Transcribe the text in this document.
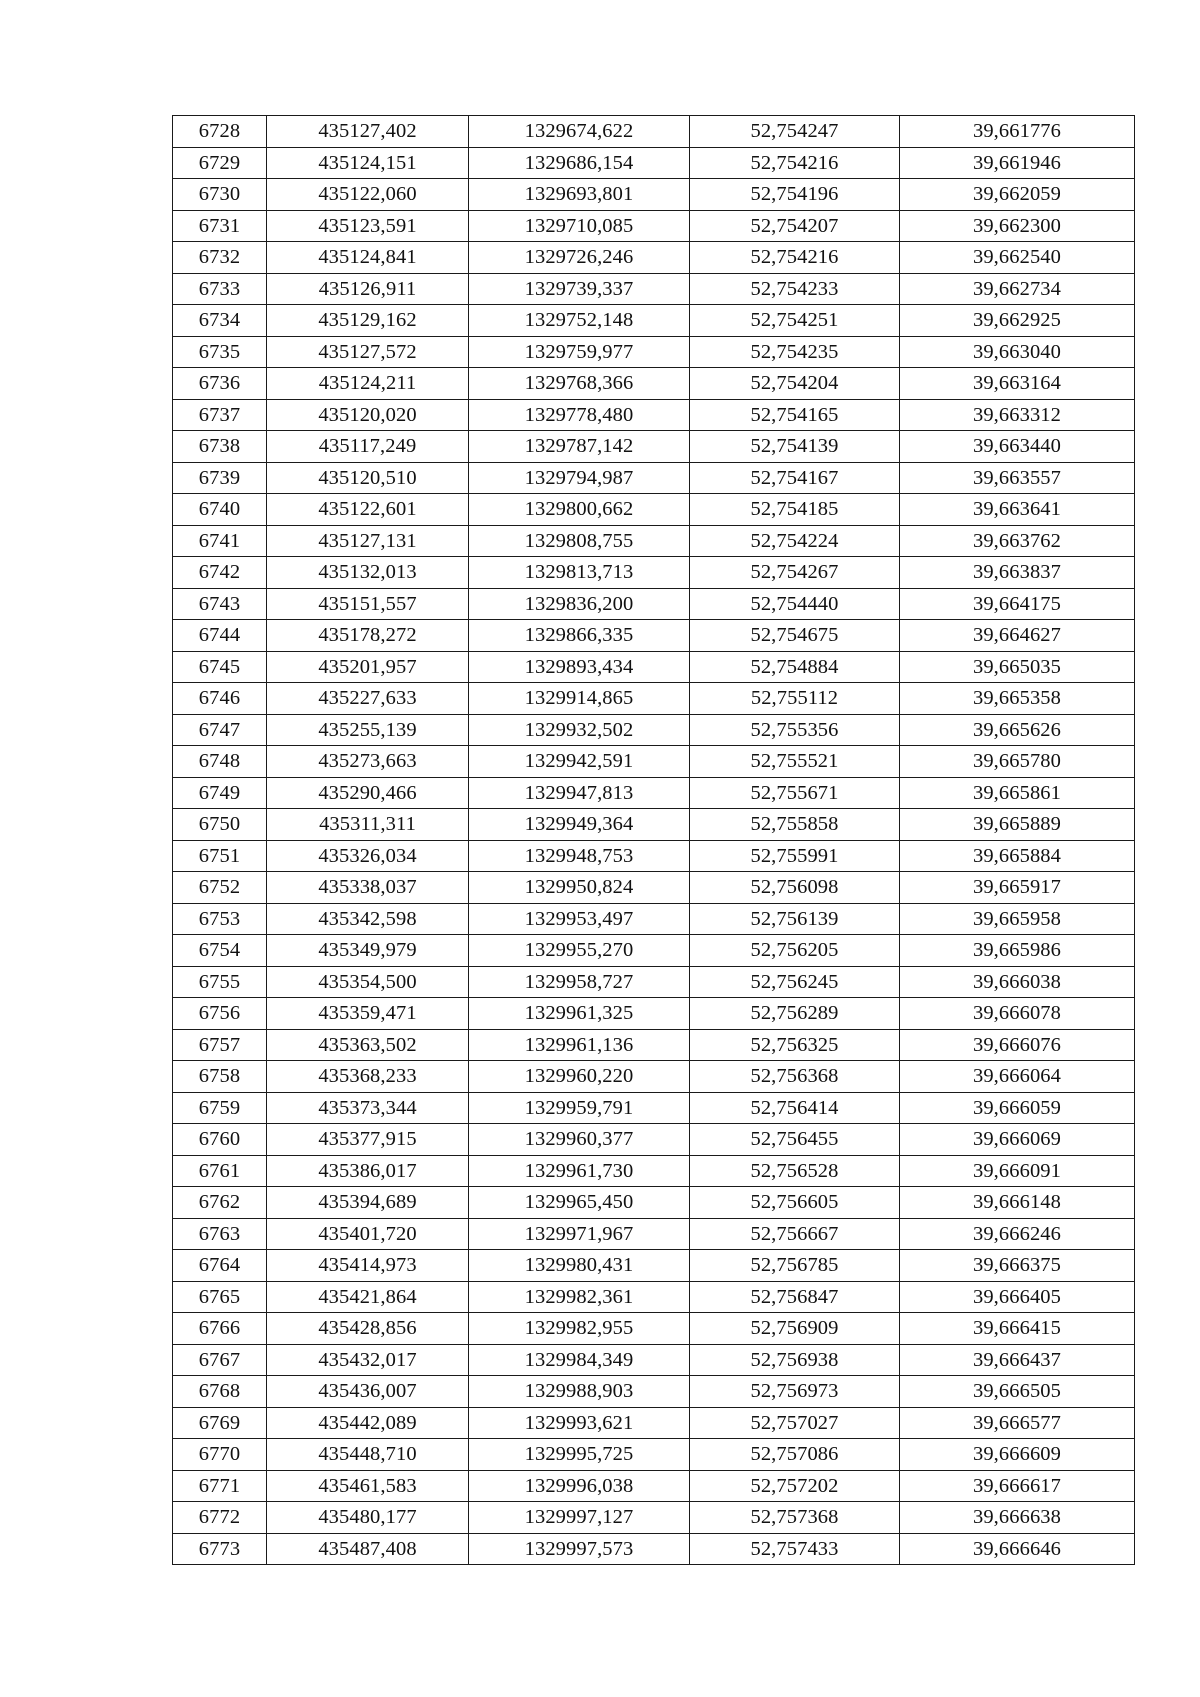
6728	435127,402	1329674,622	52,754247	39,661776
6729	435124,151	1329686,154	52,754216	39,661946
6730	435122,060	1329693,801	52,754196	39,662059
6731	435123,591	1329710,085	52,754207	39,662300
6732	435124,841	1329726,246	52,754216	39,662540
6733	435126,911	1329739,337	52,754233	39,662734
6734	435129,162	1329752,148	52,754251	39,662925
6735	435127,572	1329759,977	52,754235	39,663040
6736	435124,211	1329768,366	52,754204	39,663164
6737	435120,020	1329778,480	52,754165	39,663312
6738	435117,249	1329787,142	52,754139	39,663440
6739	435120,510	1329794,987	52,754167	39,663557
6740	435122,601	1329800,662	52,754185	39,663641
6741	435127,131	1329808,755	52,754224	39,663762
6742	435132,013	1329813,713	52,754267	39,663837
6743	435151,557	1329836,200	52,754440	39,664175
6744	435178,272	1329866,335	52,754675	39,664627
6745	435201,957	1329893,434	52,754884	39,665035
6746	435227,633	1329914,865	52,755112	39,665358
6747	435255,139	1329932,502	52,755356	39,665626
6748	435273,663	1329942,591	52,755521	39,665780
6749	435290,466	1329947,813	52,755671	39,665861
6750	435311,311	1329949,364	52,755858	39,665889
6751	435326,034	1329948,753	52,755991	39,665884
6752	435338,037	1329950,824	52,756098	39,665917
6753	435342,598	1329953,497	52,756139	39,665958
6754	435349,979	1329955,270	52,756205	39,665986
6755	435354,500	1329958,727	52,756245	39,666038
6756	435359,471	1329961,325	52,756289	39,666078
6757	435363,502	1329961,136	52,756325	39,666076
6758	435368,233	1329960,220	52,756368	39,666064
6759	435373,344	1329959,791	52,756414	39,666059
6760	435377,915	1329960,377	52,756455	39,666069
6761	435386,017	1329961,730	52,756528	39,666091
6762	435394,689	1329965,450	52,756605	39,666148
6763	435401,720	1329971,967	52,756667	39,666246
6764	435414,973	1329980,431	52,756785	39,666375
6765	435421,864	1329982,361	52,756847	39,666405
6766	435428,856	1329982,955	52,756909	39,666415
6767	435432,017	1329984,349	52,756938	39,666437
6768	435436,007	1329988,903	52,756973	39,666505
6769	435442,089	1329993,621	52,757027	39,666577
6770	435448,710	1329995,725	52,757086	39,666609
6771	435461,583	1329996,038	52,757202	39,666617
6772	435480,177	1329997,127	52,757368	39,666638
6773	435487,408	1329997,573	52,757433	39,666646
